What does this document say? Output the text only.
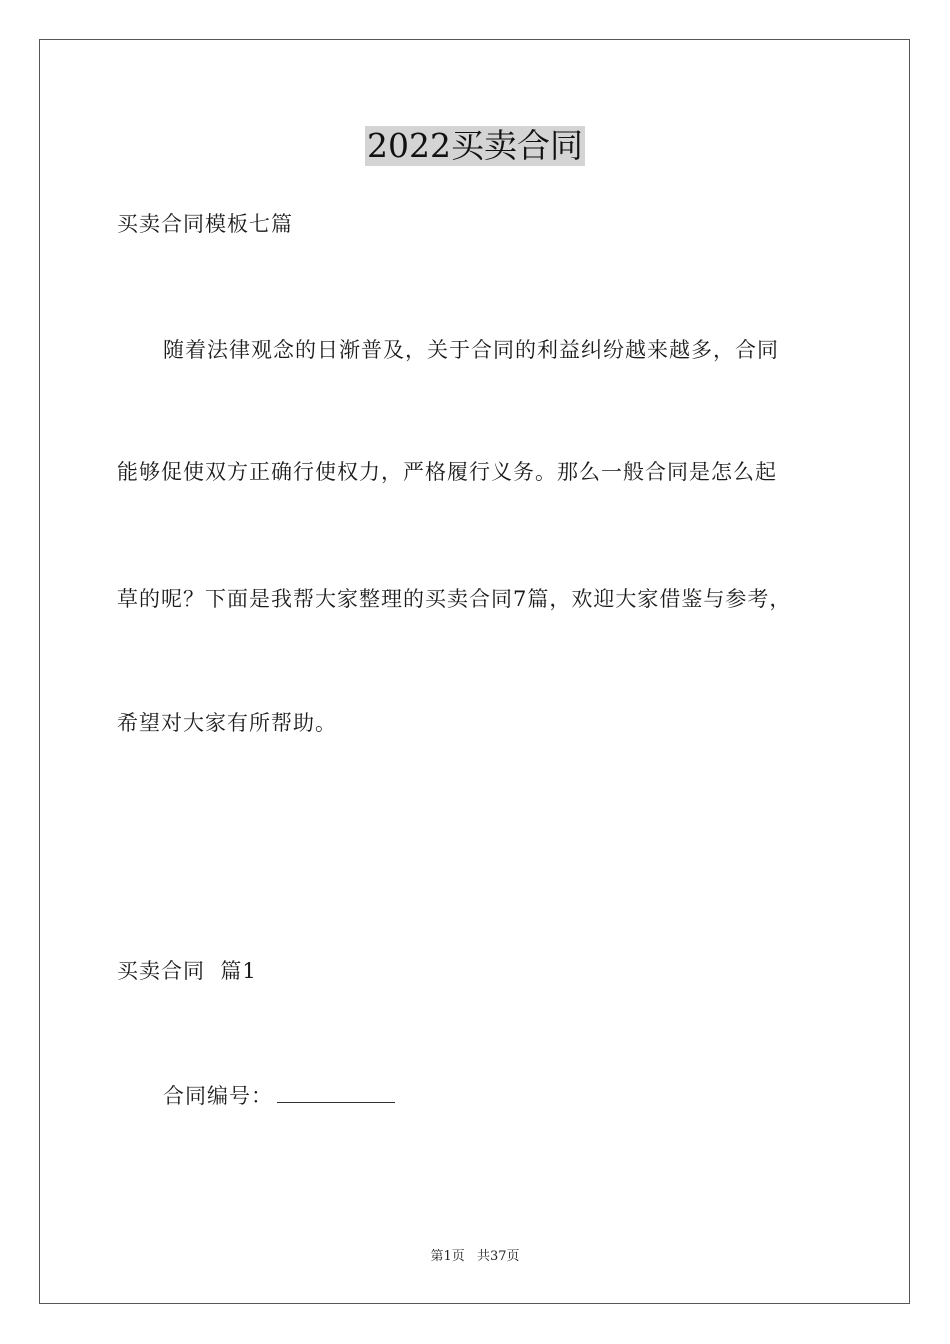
2022买卖合同
买卖合同模板七篇
随着法律观念的日渐普及，关于合同的利益纠纷越来越多，合同
能够促使双方正确行使权力，严格履行义务。那么一般合同是怎么起
草的呢？下面是我帮大家整理的买卖合同7篇，欢迎大家借鉴与参考，
希望对大家有所帮助。
买卖合同  篇1
合同编号：
第1页 共37页
